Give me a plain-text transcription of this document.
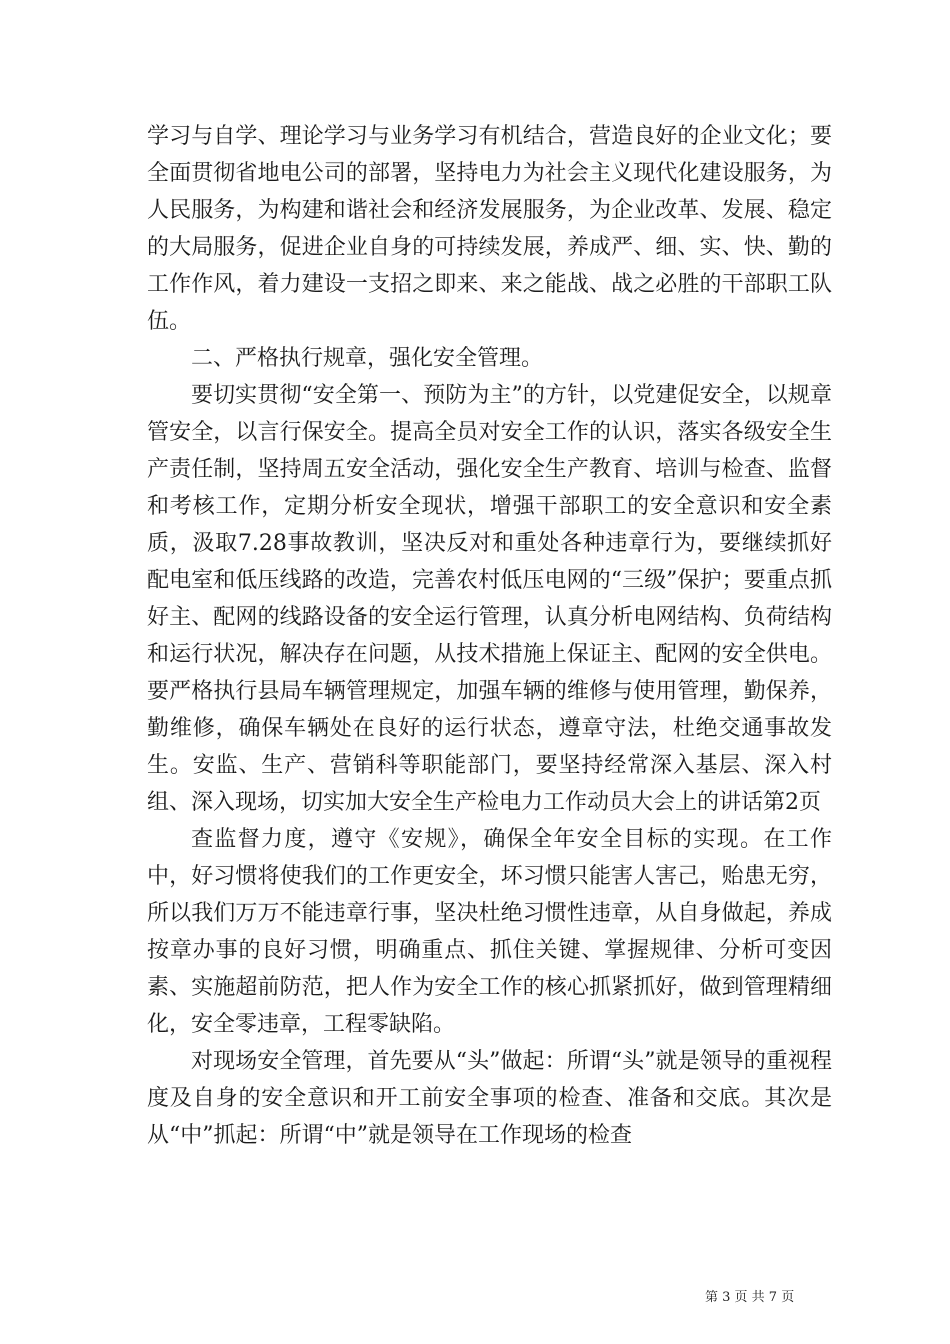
学习与自学、理论学习与业务学习有机结合，营造良好的企业文化；要全面贯彻省地电公司的部署，坚持电力为社会主义现代化建设服务，为人民服务，为构建和谐社会和经济发展服务，为企业改革、发展、稳定的大局服务，促进企业自身的可持续发展，养成严、细、实、快、勤的工作作风，着力建设一支招之即来、来之能战、战之必胜的干部职工队伍。

二、严格执行规章，强化安全管理。

要切实贯彻“安全第一、预防为主”的方针，以党建促安全，以规章管安全，以言行保安全。提高全员对安全工作的认识，落实各级安全生产责任制，坚持周五安全活动，强化安全生产教育、培训与检查、监督和考核工作，定期分析安全现状，增强干部职工的安全意识和安全素质，汲取7.28事故教训，坚决反对和重处各种违章行为，要继续抓好配电室和低压线路的改造，完善农村低压电网的“三级”保护；要重点抓好主、配网的线路设备的安全运行管理，认真分析电网结构、负荷结构和运行状况，解决存在问题，从技术措施上保证主、配网的安全供电。要严格执行县局车辆管理规定，加强车辆的维修与使用管理，勤保养，勤维修，确保车辆处在良好的运行状态，遵章守法，杜绝交通事故发生。安监、生产、营销科等职能部门，要坚持经常深入基层、深入村组、深入现场，切实加大安全生产检电力工作动员大会上的讲话第2页

查监督力度，遵守《安规》，确保全年安全目标的实现。在工作中，好习惯将使我们的工作更安全，坏习惯只能害人害己，贻患无穷，所以我们万万不能违章行事，坚决杜绝习惯性违章，从自身做起，养成按章办事的良好习惯，明确重点、抓住关键、掌握规律、分析可变因素、实施超前防范，把人作为安全工作的核心抓紧抓好，做到管理精细化，安全零违章，工程零缺陷。

对现场安全管理，首先要从“头”做起：所谓“头”就是领导的重视程度及自身的安全意识和开工前安全事项的检查、准备和交底。其次是从“中”抓起：所谓“中”就是领导在工作现场的检查

第 3 页 共 7 页
